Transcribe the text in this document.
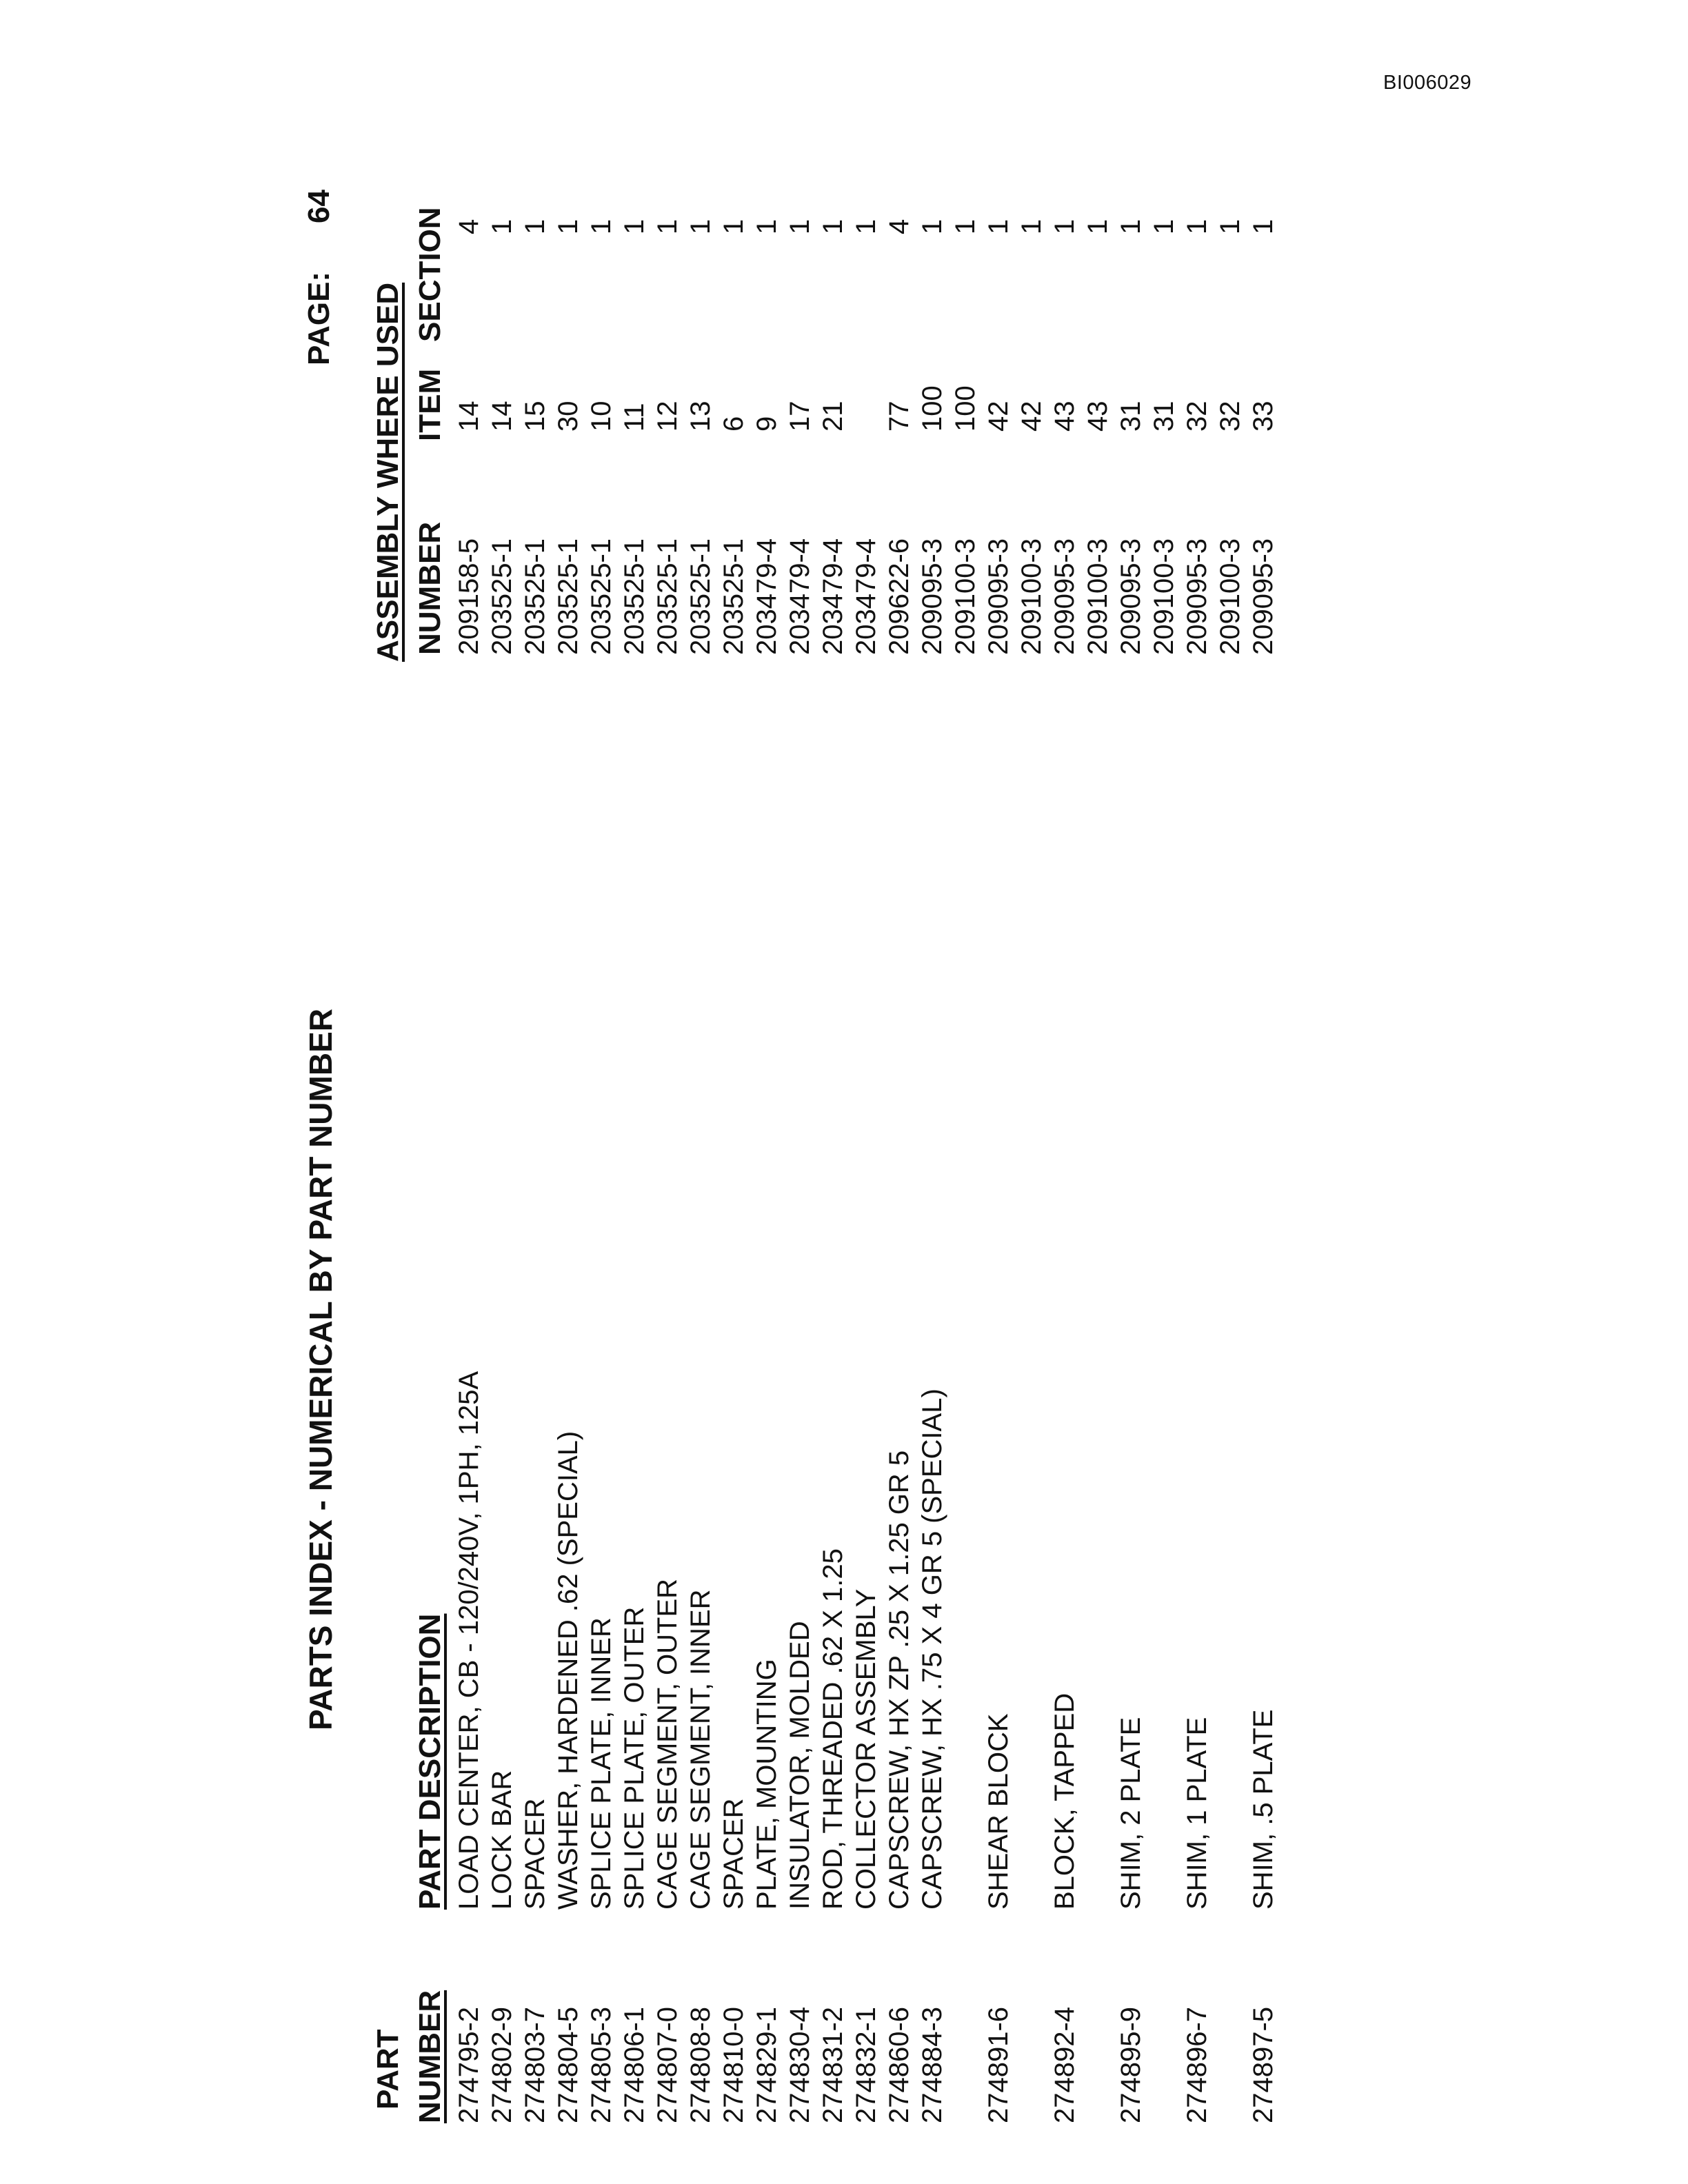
BI006029
PARTS INDEX - NUMERICAL BY PART NUMBER
PAGE:
64
PART NUMBER
PART DESCRIPTION
ASSEMBLY WHERE USED NUMBER
ITEM
SECTION
274795-2
LOAD CENTER, CB - 120/240V, 1PH, 125A
209158-5
14
4
274802-9
LOCK BAR
203525-1
14
1
274803-7
SPACER
203525-1
15
1
274804-5
WASHER, HARDENED .62 (SPECIAL)
203525-1
30
1
274805-3
SPLICE PLATE, INNER
203525-1
10
1
274806-1
SPLICE PLATE, OUTER
203525-1
11
1
274807-0
CAGE SEGMENT, OUTER
203525-1
12
1
274808-8
CAGE SEGMENT, INNER
203525-1
13
1
274810-0
SPACER
203525-1
6
1
274829-1
PLATE, MOUNTING
203479-4
9
1
274830-4
INSULATOR, MOLDED
203479-4
17
1
274831-2
ROD, THREADED .62 X 1.25
203479-4
21
1
274832-1
COLLECTOR ASSEMBLY
203479-4
1
274860-6
CAPSCREW, HX ZP .25 X 1.25 GR 5
209622-6
77
4
274884-3
CAPSCREW, HX .75 X 4 GR 5 (SPECIAL)
209095-3
100
1
209100-3
100
1
274891-6
SHEAR BLOCK
209095-3
42
1
209100-3
42
1
274892-4
BLOCK, TAPPED
209095-3
43
1
209100-3
43
1
274895-9
SHIM, 2 PLATE
209095-3
31
1
209100-3
31
1
274896-7
SHIM, 1 PLATE
209095-3
32
1
209100-3
32
1
274897-5
SHIM, .5 PLATE
209095-3
33
1
